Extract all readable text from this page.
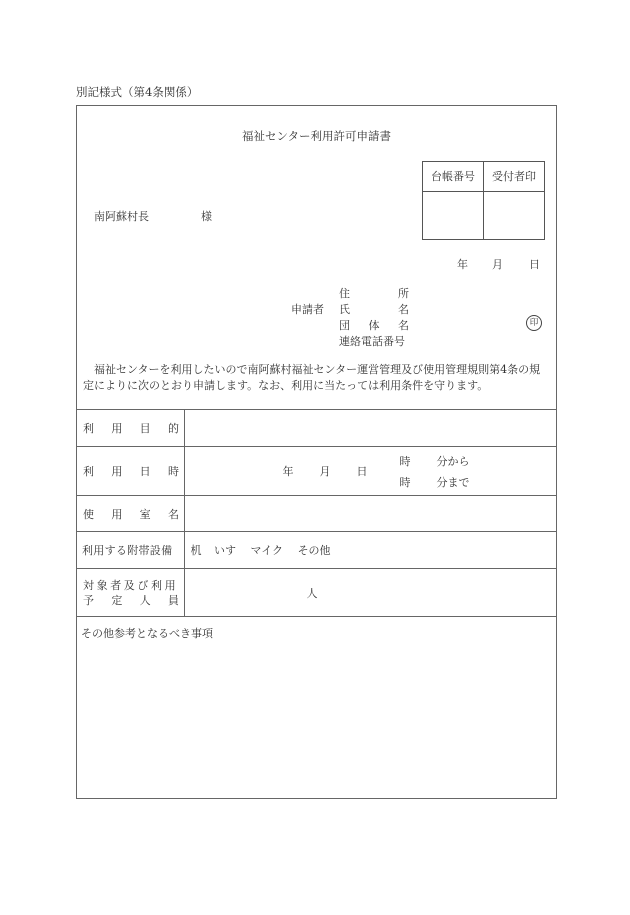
別記様式（第4条関係）
福祉センター利用許可申請書
台帳番号	受付者印
南阿蘇村長	様
年 月 日
申請者
住	所
氏	名
団 体 名
連絡電話番号
印
福祉センターを利用したいので南阿蘇村福祉センター運営管理及び使用管理規則第4条の規定によりに次のとおり申請します。なお、利用に当たっては利用条件を守ります。
利 用 目 的	

利 用 日 時	年 月 日
時 分から
時 分まで

使 用 室 名	

利用する附帯設備	机 いす マイク その他

対象者及び利用
予 定 人 員	人
その他参考となるべき事項	
